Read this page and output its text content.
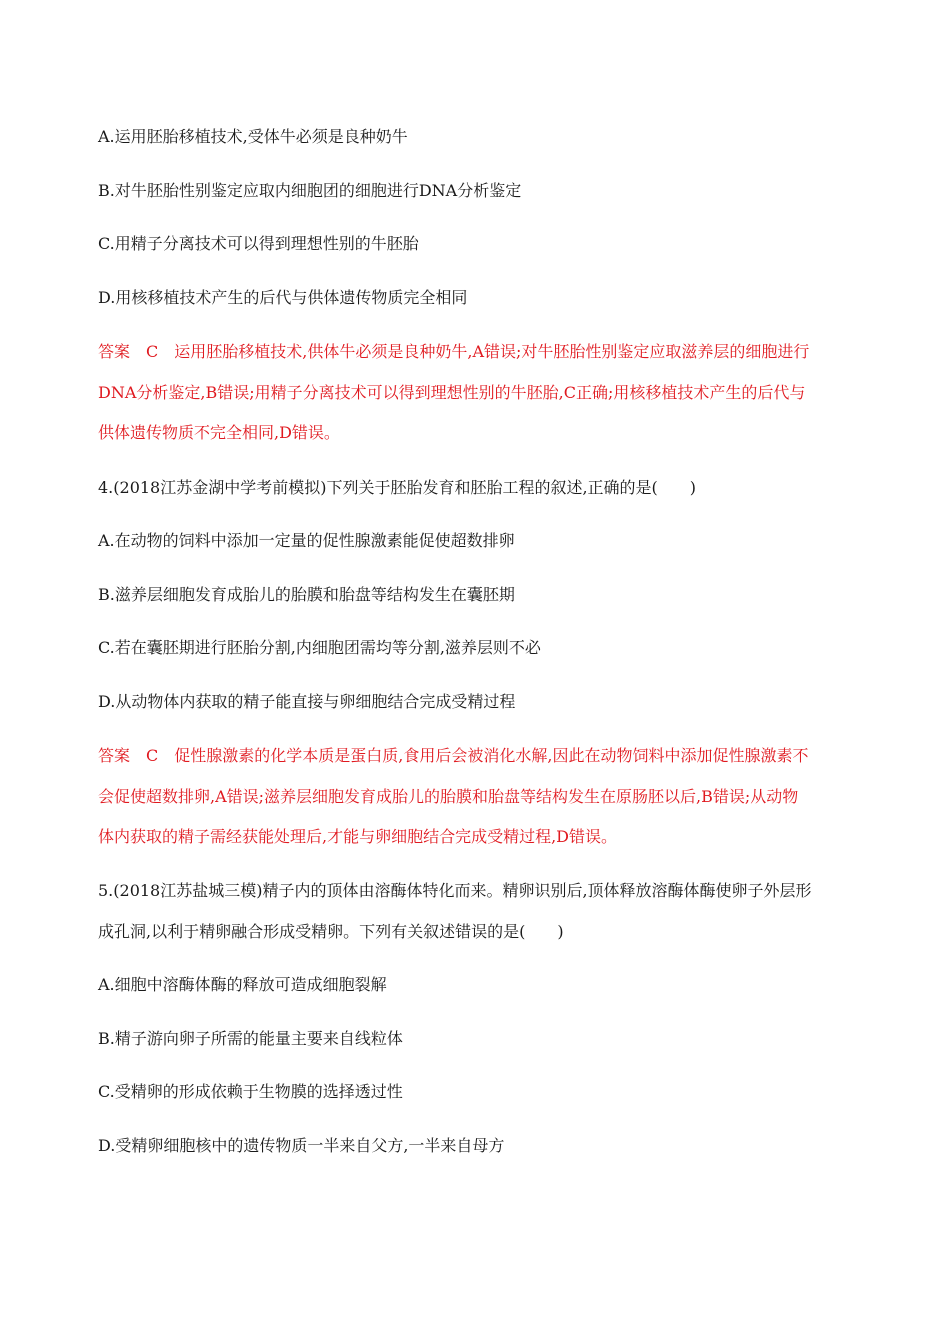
A.运用胚胎移植技术,受体牛必须是良种奶牛
B.对牛胚胎性别鉴定应取内细胞团的细胞进行DNA分析鉴定
C.用精子分离技术可以得到理想性别的牛胚胎
D.用核移植技术产生的后代与供体遗传物质完全相同
答案 C 运用胚胎移植技术,供体牛必须是良种奶牛,A错误;对牛胚胎性别鉴定应取滋养层的细胞进行
DNA分析鉴定,B错误;用精子分离技术可以得到理想性别的牛胚胎,C正确;用核移植技术产生的后代与
供体遗传物质不完全相同,D错误。
4.(2018江苏金湖中学考前模拟)下列关于胚胎发育和胚胎工程的叙述,正确的是(　　)
A.在动物的饲料中添加一定量的促性腺激素能促使超数排卵
B.滋养层细胞发育成胎儿的胎膜和胎盘等结构发生在囊胚期
C.若在囊胚期进行胚胎分割,内细胞团需均等分割,滋养层则不必
D.从动物体内获取的精子能直接与卵细胞结合完成受精过程
答案 C 促性腺激素的化学本质是蛋白质,食用后会被消化水解,因此在动物饲料中添加促性腺激素不
会促使超数排卵,A错误;滋养层细胞发育成胎儿的胎膜和胎盘等结构发生在原肠胚以后,B错误;从动物
体内获取的精子需经获能处理后,才能与卵细胞结合完成受精过程,D错误。
5.(2018江苏盐城三模)精子内的顶体由溶酶体特化而来。精卵识别后,顶体释放溶酶体酶使卵子外层形
成孔洞,以利于精卵融合形成受精卵。下列有关叙述错误的是(　　)
A.细胞中溶酶体酶的释放可造成细胞裂解
B.精子游向卵子所需的能量主要来自线粒体
C.受精卵的形成依赖于生物膜的选择透过性
D.受精卵细胞核中的遗传物质一半来自父方,一半来自母方
